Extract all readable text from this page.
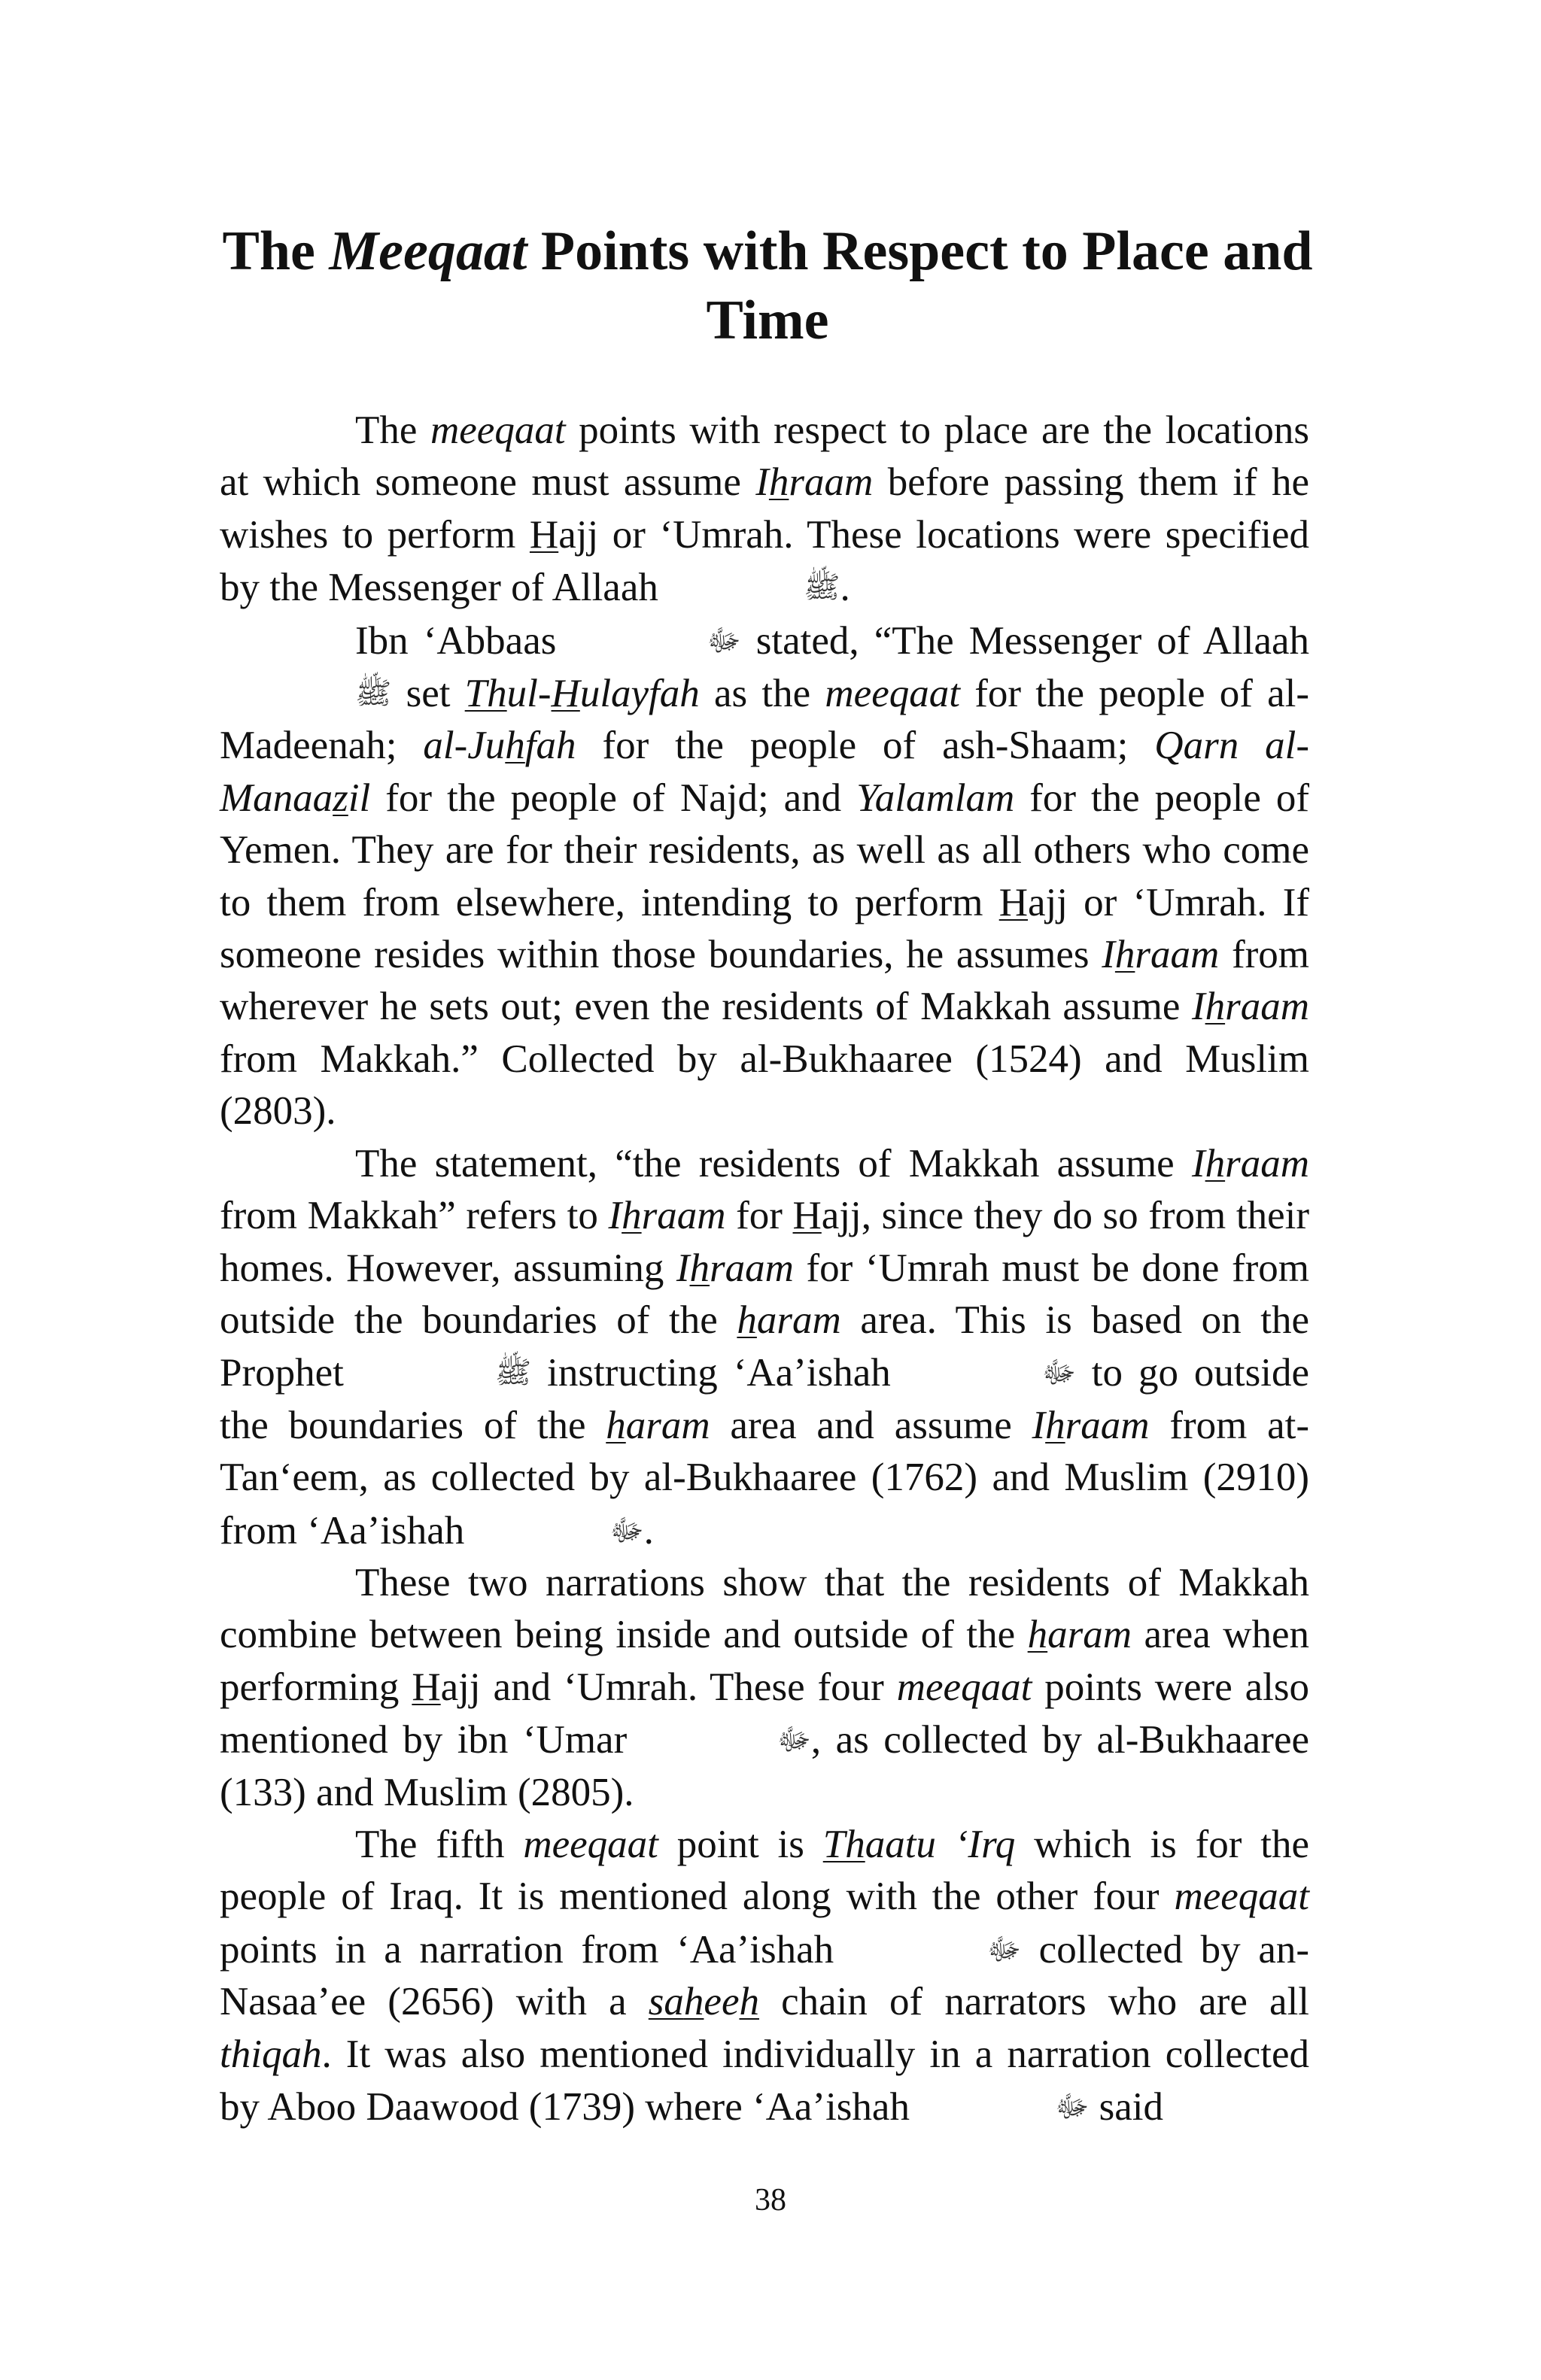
The Meeqaat Points with Respect to Place and Time

The meeqaat points with respect to place are the locations at which someone must assume Ihraam before passing them if he wishes to perform Hajj or ‘Umrah. These locations were specified by the Messenger of Allaah	ﷺ.

Ibn ‘Abbaas	ﷻ stated, “The Messenger of Allaah ﷺ set Thul-Hulayfah as the meeqaat for the people of al-Madeenah; al-Juhfah for the people of ash-Shaam; Qarn al-Manaazil for the people of Najd; and Yalamlam for the people of Yemen. They are for their residents, as well as all others who come to them from elsewhere, intending to perform Hajj or ‘Umrah. If someone resides within those boundaries, he assumes Ihraam from wherever he sets out; even the residents of Makkah assume Ihraam from Makkah.” Collected by al-Bukhaaree (1524) and Muslim (2803).

The statement, “the residents of Makkah assume Ihraam from Makkah” refers to Ihraam for Hajj, since they do so from their homes. However, assuming Ihraam for ‘Umrah must be done from outside the boundaries of the haram area. This is based on the Prophet	ﷺ instructing ‘Aa’ishah	ﷻ to go outside the boundaries of the haram area and assume Ihraam from at-Tan‘eem, as collected by al-Bukhaaree (1762) and Muslim (2910) from ‘Aa’ishah	ﷻ.

These two narrations show that the residents of Makkah combine between being inside and outside of the haram area when performing Hajj and ‘Umrah. These four meeqaat points were also mentioned by ibn ‘Umar	ﷻ, as collected by al-Bukhaaree (133) and Muslim (2805).

The fifth meeqaat point is Thaatu ‘Irq which is for the people of Iraq. It is mentioned along with the other four meeqaat points in a narration from ‘Aa’ishah	ﷻ collected by an-Nasaa’ee (2656) with a saheeh chain of narrators who are all thiqah. It was also mentioned individually in a narration collected by Aboo Daawood (1739) where ‘Aa’ishah	ﷻ said

38
